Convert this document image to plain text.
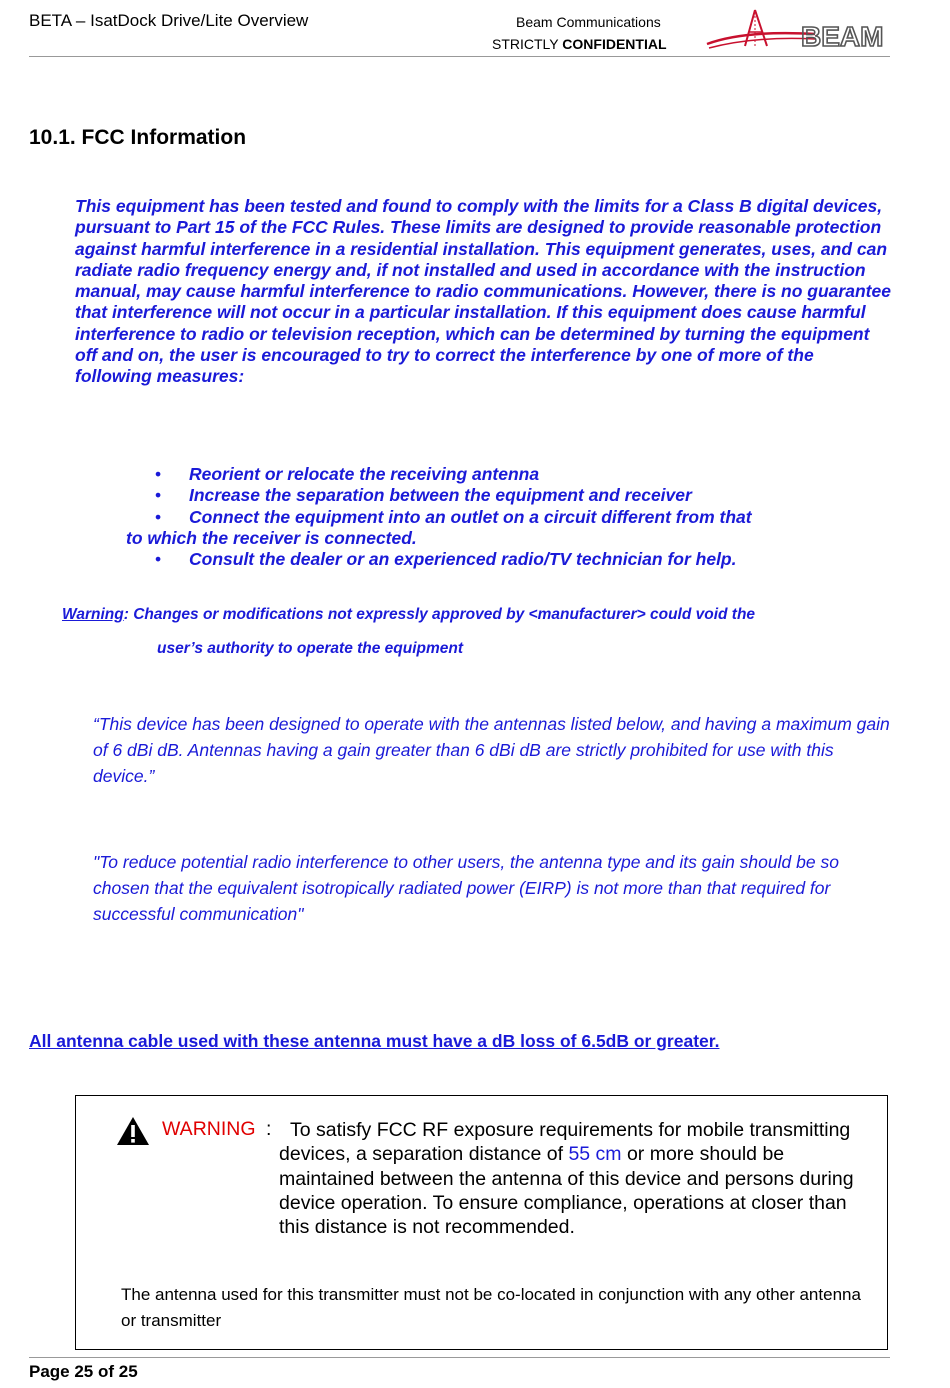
BETA – IsatDock Drive/Lite Overview	Beam Communications
STRICTLY CONFIDENTIAL	BEAM
10.1. FCC Information
This equipment has been tested and found to comply with the limits for a Class B digital devices, pursuant to Part 15 of the FCC Rules. These limits are designed to provide reasonable protection against harmful interference in a residential installation. This equipment generates, uses, and can radiate radio frequency energy and, if not installed and used in accordance with the instruction manual, may cause harmful interference to radio communications. However, there is no guarantee that interference will not occur in a particular installation. If this equipment does cause harmful interference to radio or television reception, which can be determined by turning the equipment off and on, the user is encouraged to try to correct the interference by one of more of the following measures:
• Reorient or relocate the receiving antenna
• Increase the separation between the equipment and receiver
• Connect the equipment into an outlet on a circuit different from that
to which the receiver is connected.
• Consult the dealer or an experienced radio/TV technician for help.
Warning: Changes or modifications not expressly approved by <manufacturer> could void the
user’s authority to operate the equipment
“This device has been designed to operate with the antennas listed below, and having a maximum gain of 6 dBi dB. Antennas having a gain greater than 6 dBi dB are strictly prohibited for use with this device.”
"To reduce potential radio interference to other users, the antenna type and its gain should be so chosen that the equivalent isotropically radiated power (EIRP) is not more than that required for successful communication"
All antenna cable used with these antenna must have a dB loss of 6.5dB or greater.
WARNING : To satisfy FCC RF exposure requirements for mobile transmitting devices, a separation distance of 55 cm or more should be maintained between the antenna of this device and persons during device operation. To ensure compliance, operations at closer than this distance is not recommended.
The antenna used for this transmitter must not be co-located in conjunction with any other antenna or transmitter
Page 25 of 25
